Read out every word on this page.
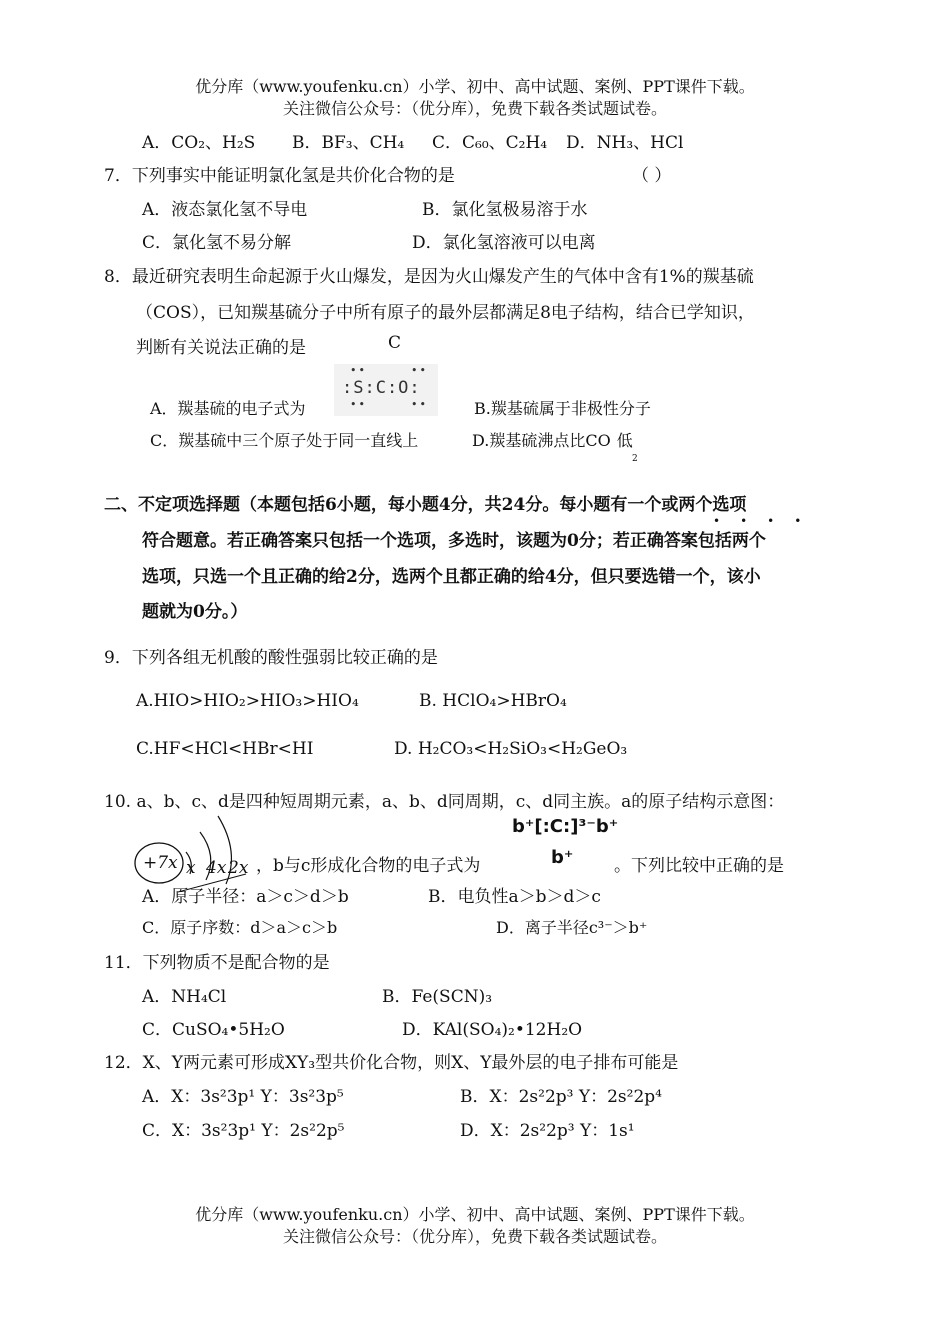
优分库（www.youfenku.cn）小学、初中、高中试题、案例、PPT课件下载。
关注微信公众号：（优分库），免费下载各类试题试卷。
A．CO₂、H₂S B．BF₃、CH₄ C．C₆₀、C₂H₄ D．NH₃、HCl
7．下列事实中能证明氯化氢是共价化合物的是	（ ）
A．液态氯化氢不导电	B．氯化氢极易溶于水
C．氯化氢不易分解	D．氯化氢溶液可以电离
8．最近研究表明生命起源于火山爆发，是因为火山爆发产生的气体中含有1%的羰基硫
（COS），已知羰基硫分子中所有原子的最外层都满足8电子结构，结合已学知识，
判断有关说法正确的是	C
:S:C:O:
••        ••
••        ••
A．羰基硫的电子式为	B.羰基硫属于非极性分子
C．羰基硫中三个原子处于同一直线上	D.羰基硫沸点比CO 低
2
二、不定项选择题（本题包括6小题，每小题4分，共24分。每小题有一个或两个选项
符合题意。若正确答案只包括一个选项，多选时，该题为0分；若正确答案包括两个
选项，只选一个且正确的给2分，选两个且都正确的给4分，但只要选错一个，该小
题就为0分。）
••••
9．下列各组无机酸的酸性强弱比较正确的是
A.HIO>HIO₂>HIO₃>HIO₄	B. HClO₄>HBrO₄
C.HF<HCl<HBr<HI	D. H₂CO₃<H₂SiO₃<H₂GeO₃
10. a、b、c、d是四种短周期元素，a、b、d同周期，c、d同主族。a的原子结构示意图：
+7x x 4x 2x ，b与c形成化合物的电子式为
b⁺[:C:]³⁻b⁺
b⁺ 。下列比较中正确的是
A．原子半径：a＞c＞d＞b	B．电负性a＞b＞d＞c
C．原子序数：d＞a＞c＞b	D．离子半径c³⁻＞b⁺
11．下列物质不是配合物的是
A．NH₄Cl	B．Fe(SCN)₃
C．CuSO₄•5H₂O	D．KAl(SO₄)₂•12H₂O
12．X、Y两元素可形成XY₃型共价化合物，则X、Y最外层的电子排布可能是
A．X：3s²3p¹ Y：3s²3p⁵	B．X：2s²2p³ Y：2s²2p⁴
C．X：3s²3p¹ Y：2s²2p⁵	D．X：2s²2p³ Y：1s¹
优分库（www.youfenku.cn）小学、初中、高中试题、案例、PPT课件下载。
关注微信公众号：（优分库），免费下载各类试题试卷。
